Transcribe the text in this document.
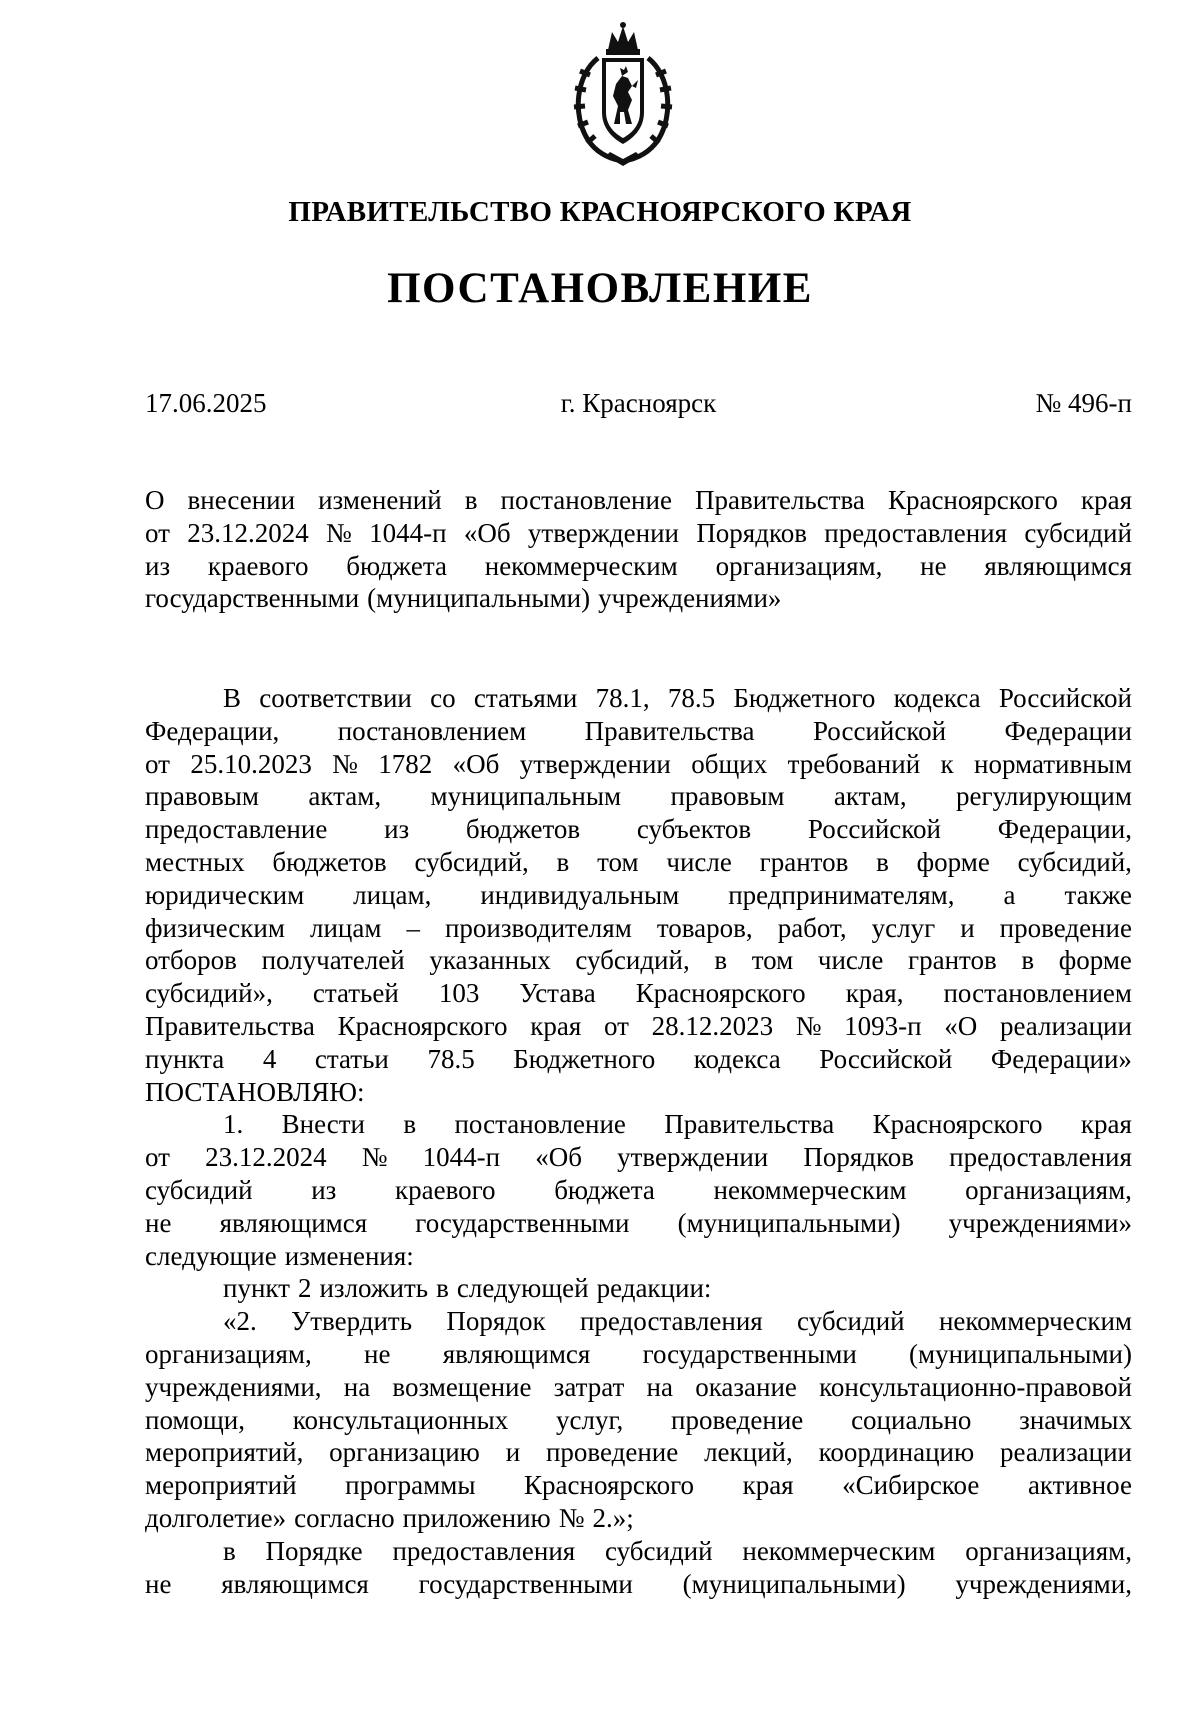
ПРАВИТЕЛЬСТВО КРАСНОЯРСКОГО КРАЯ
ПОСТАНОВЛЕНИЕ
17.06.2025	г. Красноярск	№ 496-п
О внесении изменений в постановление Правительства Красноярского края
от 23.12.2024 № 1044-п «Об утверждении Порядков предоставления субсидий
из краевого бюджета некоммерческим организациям, не являющимся
государственными (муниципальными) учреждениями»
В соответствии со статьями 78.1, 78.5 Бюджетного кодекса Российской
Федерации, постановлением Правительства Российской Федерации
от 25.10.2023 № 1782 «Об утверждении общих требований к нормативным
правовым актам, муниципальным правовым актам, регулирующим
предоставление из бюджетов субъектов Российской Федерации,
местных бюджетов субсидий, в том числе грантов в форме субсидий,
юридическим лицам, индивидуальным предпринимателям, а также
физическим лицам – производителям товаров, работ, услуг и проведение
отборов получателей указанных субсидий, в том числе грантов в форме
субсидий», статьей 103 Устава Красноярского края, постановлением
Правительства Красноярского края от 28.12.2023 № 1093-п «О реализации
пункта 4 статьи 78.5 Бюджетного кодекса Российской Федерации»
ПОСТАНОВЛЯЮ:
1. Внести в постановление Правительства Красноярского края
от 23.12.2024 № 1044-п «Об утверждении Порядков предоставления
субсидий из краевого бюджета некоммерческим организациям,
не являющимся государственными (муниципальными) учреждениями»
следующие изменения:
пункт 2 изложить в следующей редакции:
«2. Утвердить Порядок предоставления субсидий некоммерческим
организациям, не являющимся государственными (муниципальными)
учреждениями, на возмещение затрат на оказание консультационно-правовой
помощи, консультационных услуг, проведение социально значимых
мероприятий, организацию и проведение лекций, координацию реализации
мероприятий программы Красноярского края «Сибирское активное
долголетие» согласно приложению № 2.»;
в Порядке предоставления субсидий некоммерческим организациям,
не являющимся государственными (муниципальными) учреждениями,
